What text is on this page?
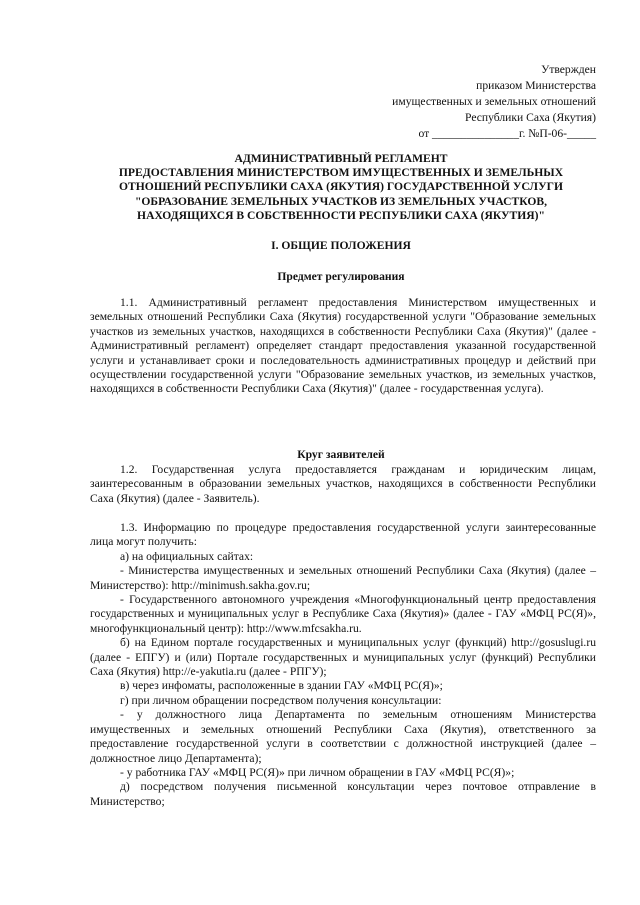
Утвержден
приказом Министерства
имущественных и земельных отношений
Республики Саха (Якутия)
от _______________г. №П-06-_____
АДМИНИСТРАТИВНЫЙ РЕГЛАМЕНТ
ПРЕДОСТАВЛЕНИЯ МИНИСТЕРСТВОМ ИМУЩЕСТВЕННЫХ И ЗЕМЕЛЬНЫХ
ОТНОШЕНИЙ РЕСПУБЛИКИ САХА (ЯКУТИЯ) ГОСУДАРСТВЕННОЙ УСЛУГИ
"ОБРАЗОВАНИЕ ЗЕМЕЛЬНЫХ УЧАСТКОВ ИЗ ЗЕМЕЛЬНЫХ УЧАСТКОВ,
НАХОДЯЩИХСЯ В СОБСТВЕННОСТИ РЕСПУБЛИКИ САХА (ЯКУТИЯ)"
I. ОБЩИЕ ПОЛОЖЕНИЯ
Предмет регулирования

1.1. Административный регламент предоставления Министерством имущественных и земельных отношений Республики Саха (Якутия) государственной услуги "Образование земельных участков из земельных участков, находящихся в собственности Республики Саха (Якутия)" (далее - Административный регламент) определяет стандарт предоставления указанной государственной услуги и устанавливает сроки и последовательность административных процедур и действий при осуществлении государственной услуги "Образование земельных участков, из земельных участков, находящихся в собственности Республики Саха (Якутия)" (далее - государственная услуга).

Круг заявителей

1.2. Государственная услуга предоставляется гражданам и юридическим лицам, заинтересованным в образовании земельных участков, находящихся в собственности Республики Саха (Якутия) (далее - Заявитель).

1.3. Информацию по процедуре предоставления государственной услуги заинтересованные лица могут получить:

а) на официальных сайтах:

- Министерства имущественных и земельных отношений Республики Саха (Якутия) (далее – Министерство): http://minimush.sakha.gov.ru;

- Государственного автономного учреждения «Многофункциональный центр предоставления государственных и муниципальных услуг в Республике Саха (Якутия)» (далее - ГАУ «МФЦ РС(Я)», многофункциональный центр): http://www.mfcsakha.ru.

б) на Едином портале государственных и муниципальных услуг (функций) http://gosuslugi.ru (далее - ЕПГУ) и (или) Портале государственных и муниципальных услуг (функций) Республики Саха (Якутия) http://e-yakutia.ru (далее - РПГУ);

в) через инфоматы, расположенные в здании ГАУ «МФЦ РС(Я)»;

г) при личном обращении посредством получения консультации:

- у должностного лица Департамента по земельным отношениям Министерства имущественных и земельных отношений Республики Саха (Якутия), ответственного за предоставление государственной услуги в соответствии с должностной инструкцией (далее – должностное лицо Департамента);

- у работника ГАУ «МФЦ РС(Я)» при личном обращении в ГАУ «МФЦ РС(Я)»;

д) посредством получения письменной консультации через почтовое отправление в Министерство;
